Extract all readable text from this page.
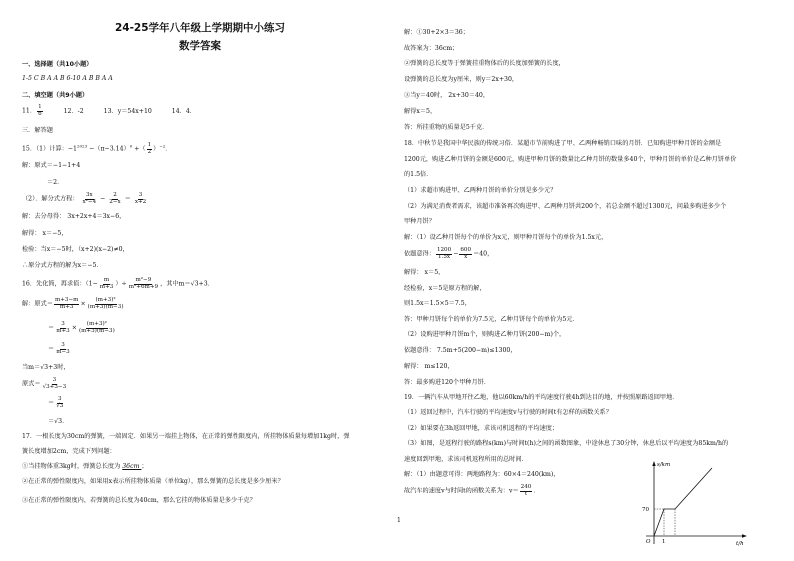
24-25学年八年级上学期期中小练习
数学答案
一、选择题（共10小题）
1-5 C B A A B 6-10 A B B A A
二、填空题（共9小题）
11． $\frac{1}{6}$	12．-2	13．y＝54x+10	14．4．
三．解答题
15．（1）计算：$-1^{2023} -(\pi-3.14)^0$ +（ $\frac{1}{2} )^{-2}$．
解：原式＝−1−1+4
＝2．
（2）．解分式方程： $\frac{3x}{\text{x²−4}} - \frac{2}{2-x} = \frac{3}{x+2}$
解：去分母得： 3x+2x+4＝3x−6，
解得： x＝−5，
检验：当x＝−5时，（x+2)(x−2)≠0，
∴原分式方程的解为x＝−5．
16．先化简，再求值：（$1- \frac{m}{m+3}$ ）÷ $\frac{\text{m²−9}}{\text{m²+6m+9}}$ ，其中m＝√3+3．
解：原式＝ $\frac{m+3-m}{m+3} \times \frac{\text{(m+3)²}}{(m+3)(m-3)}$
＝ $\frac{3}{m+3} \times \frac{\text{(m+3)²}}{(m+3)(m-3)}$
＝ $\frac{3}{m-3}$
当m＝√3+3时，
原式＝ $\frac{3}{√3+3-3}$
＝ $\frac{3}{√3}$
＝√3．
17．一根长度为30cm的弹簧，一端固定．如果另一端挂上物体，在正常的弹性限度内，所挂物体质量每增加1kg时，弹
簧长度增加2cm，完成下列问题：
①当挂物体重3kg时，弹簧总长度为 36cm ；
②在正常的弹性限度内，如果用x表示所挂物体质量（单位kg），那么弹簧的总长度是多少厘米？
③在正常的弹性限度内，若弹簧的总长度为40cm，那么它挂的物体质量是多少千克？
1
解：①30+2×3＝36；
故答案为：36cm；
②弹簧的总长度等于弹簧挂重物体后的长度加弹簧的长度，
设弹簧的总长度为y厘米，则y＝2x+30，
③当y＝40时， 2x+30＝40，
解得x＝5，
答：所挂重物的质量是5千克．
18．中秋节是我国中华民族的传统习俗．某超市节前购进了甲、乙两种畅销口味的月饼．已知购进甲种月饼的金额是
1200元，购进乙种月饼的金额是600元，购进甲种月饼的数量比乙种月饼的数量多40个，甲种月饼的单价是乙种月饼单价
的1.5倍．
（1）求超市购进甲、乙两种月饼的单价分别是多少元？
（2）为满足消费者需求，该超市准备再次购进甲、乙两种月饼共200个，若总金额不超过1300元，问最多购进多少个
甲种月饼？
解：（1）设乙种月饼每个的单价为x元，则甲种月饼每个的单价为1.5x元，
依题意得： $\frac{1200}{1.5x} - \frac{600}{x} =40$，
解得： x＝5，
经检验，x＝5是原方程的解，
则1.5x＝1.5×5＝7.5，
答：甲种月饼每个的单价为7.5元，乙种月饼每个的单价为5元．
（2）设购进甲种月饼m个，则购进乙种月饼(200−m)个，
依题意得： 7.5m+5(200−m)≤1300，
解得： m≤120，
答：最多购进120个甲种月饼．
19．一辆汽车从甲地开往乙地，他以60km/h的平均速度行驶4h到达目的地，并按照原路返回甲地．
（1）返回过程中，汽车行驶的平均速度v与行驶的时间t有怎样的函数关系？
（2）如果要在3h返回甲地，求该司机返程的平均速度；
（3）如图，是返程行驶的路程s(km)与时间t(h)之间的函数图象，中途休息了30分钟，休息后以平均速度为85km/h的
速度回到甲地，求该司机返程所用的总时间．
解：（1）由题意可得：两地路程为：60×4＝240(km)，
故汽车的速度v与时间t的函数关系为：$v= \frac{240}{t}$ ．
s/km
t/h
70
1
O
